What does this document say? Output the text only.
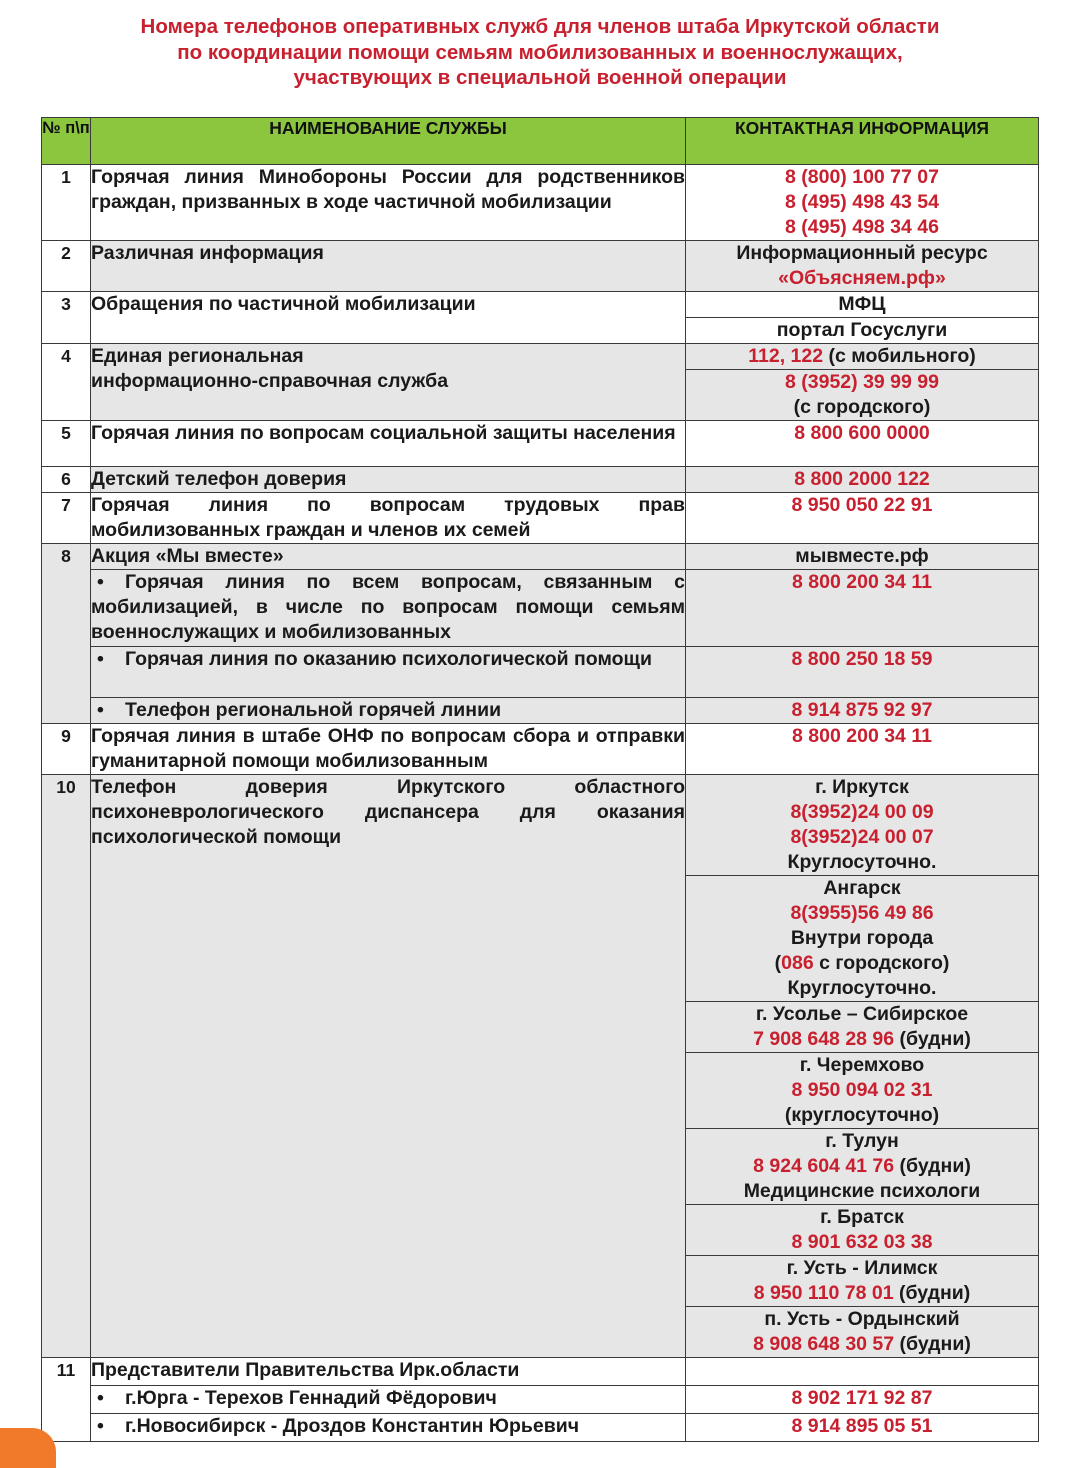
Номера телефонов оперативных служб для членов штаба Иркутской области
по координации помощи семьям мобилизованных и военнослужащих,
участвующих в специальной военной операции
№ п\п	НАИМЕНОВАНИЕ СЛУЖБЫ	КОНТАКТНАЯ ИНФОРМАЦИЯ
1	Горячая линия Минобороны России для родственников граждан, призванных в ходе частичной мобилизации	8 (800) 100 77 07
8 (495) 498 43 54
8 (495) 498 34 46

2	Различная информация	Информационный ресурс
«Объясняем.рф»

3	Обращения по частичной мобилизации	МФЦ
		портал Госуслуги
4	Единая региональная
информационно-справочная служба	112, 122 (с мобильного)

		8 (3952) 39 99 99
(с городского)

5	Горячая линия по вопросам социальной защиты населения	8 800 600 0000
6	Детский телефон доверия	8 800 2000 122
7	Горячая линия по вопросам трудовых прав мобилизованных граждан и членов их семей	8 950 050 22 91
8	Акция «Мы вместе»	мывместе.рф
	• Горячая линия по всем вопросам, связанным с мобилизацией, в числе по вопросам помощи семьям военнослужащих и мобилизованных	8 800 200 34 11
	• Горячая линия по оказанию психологической помощи	8 800 250 18 59
	• Телефон региональной горячей линии	8 914 875 92 97
9	Горячая линия в штабе ОНФ по вопросам сбора и отправки гуманитарной помощи мобилизованным	8 800 200 34 11
10	Телефон доверия Иркутского областного психоневрологического диспансера для оказания психологической помощи	г. Иркутск
8(3952)24 00 09
8(3952)24 00 07
Круглосуточно.

		Ангарск
8(3955)56 49 86
Внутри города
(086 с городского)
Круглосуточно.

		г. Усолье – Сибирское
7 908 648 28 96 (будни)

		г. Черемхово
8 950 094 02 31
(круглосуточно)

		г. Тулун
8 924 604 41 76 (будни)
Медицинские психологи

		г. Братск
8 901 632 03 38

		г. Усть - Илимск
8 950 110 78 01 (будни)

		п. Усть - Ордынский
8 908 648 30 57 (будни)

11	Представители Правительства Ирк.области	
	• г.Юрга - Терехов Геннадий Фёдорович	8 902 171 92 87
	• г.Новосибирск - Дроздов Константин Юрьевич	8 914 895 05 51
